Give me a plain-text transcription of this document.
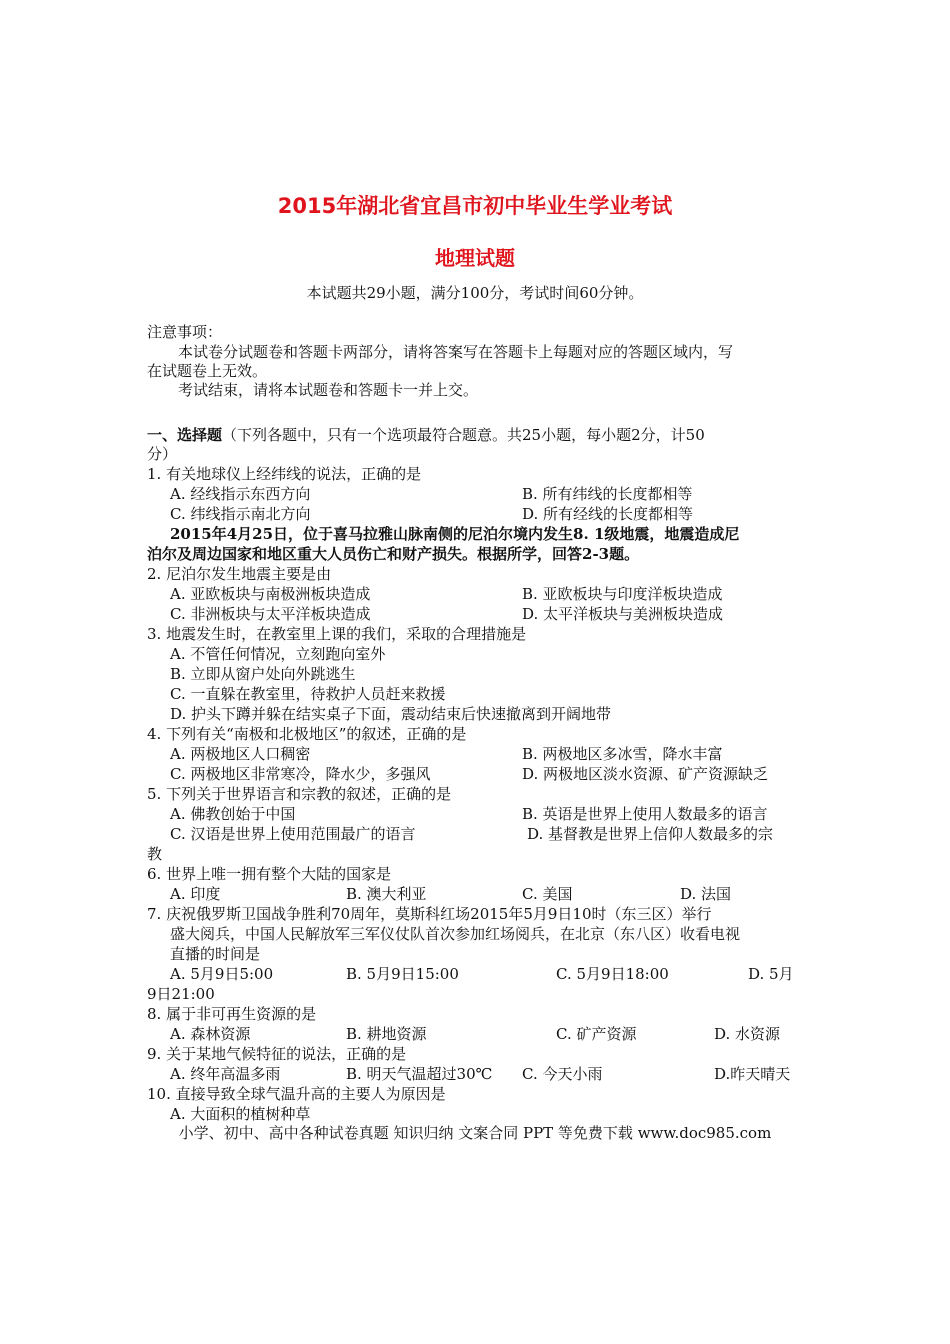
2015年湖北省宜昌市初中毕业生学业考试
地理试题
本试题共29小题，满分100分，考试时间60分钟。
注意事项：
本试卷分试题卷和答题卡两部分，请将答案写在答题卡上每题对应的答题区域内，写
在试题卷上无效。
考试结束，请将本试题卷和答题卡一并上交。
一、选择题（下列各题中，只有一个选项最符合题意。共25小题，每小题2分，计50
分）
1. 有关地球仪上经纬线的说法，正确的是
A. 经线指示东西方向	B. 所有纬线的长度都相等
C. 纬线指示南北方向	D. 所有经线的长度都相等
2015年4月25日，位于喜马拉雅山脉南侧的尼泊尔境内发生8. 1级地震，地震造成尼
泊尔及周边国家和地区重大人员伤亡和财产损失。根据所学，回答2-3题。
2. 尼泊尔发生地震主要是由
A. 亚欧板块与南极洲板块造成	B. 亚欧板块与印度洋板块造成
C. 非洲板块与太平洋板块造成	D. 太平洋板块与美洲板块造成
3. 地震发生时，在教室里上课的我们，采取的合理措施是
A. 不管任何情况，立刻跑向室外
B. 立即从窗户处向外跳逃生
C. 一直躲在教室里，待救护人员赶来救援
D. 护头下蹲并躲在结实桌子下面，震动结束后快速撤离到开阔地带
4. 下列有关“南极和北极地区”的叙述，正确的是
A. 两极地区人口稠密	B. 两极地区多冰雪，降水丰富
C. 两极地区非常寒冷，降水少，多强风	D. 两极地区淡水资源、矿产资源缺乏
5. 下列关于世界语言和宗教的叙述，正确的是
A. 佛教创始于中国	B. 英语是世界上使用人数最多的语言
C. 汉语是世界上使用范围最广的语言	D. 基督教是世界上信仰人数最多的宗
教
6. 世界上唯一拥有整个大陆的国家是
A. 印度	B. 澳大利亚	C. 美国	D. 法国
7. 庆祝俄罗斯卫国战争胜利70周年，莫斯科红场2015年5月9日10时（东三区）举行
盛大阅兵，中国人民解放军三军仪仗队首次参加红场阅兵，在北京（东八区）收看电视
直播的时间是
A. 5月9日5:00	B. 5月9日15:00	C. 5月9日18:00	D. 5月
9日21:00
8. 属于非可再生资源的是
A. 森林资源	B. 耕地资源	C. 矿产资源	D. 水资源
9. 关于某地气候特征的说法，正确的是
A. 终年高温多雨	B. 明天气温超过30℃ C. 今天小雨	D.昨天晴天
10. 直接导致全球气温升高的主要人为原因是
A. 大面积的植树种草
小学、初中、高中各种试卷真题 知识归纳 文案合同 PPT 等免费下载 www.doc985.com
